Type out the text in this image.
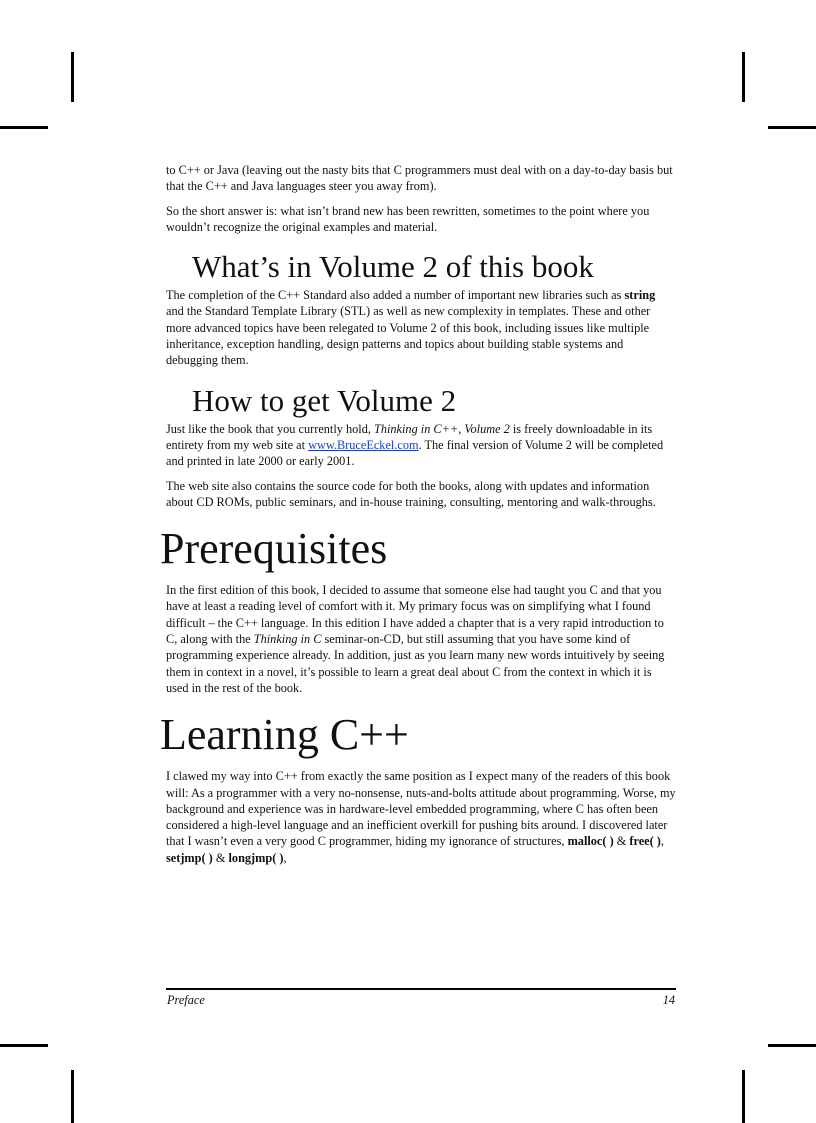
to C++ or Java (leaving out the nasty bits that C programmers must deal with on a day-to-day basis but that the C++ and Java languages steer you away from).

So the short answer is: what isn’t brand new has been rewritten, sometimes to the point where you wouldn’t recognize the original examples and material.

What’s in Volume 2 of this book

The completion of the C++ Standard also added a number of important new libraries such as string and the Standard Template Library (STL) as well as new complexity in templates. These and other more advanced topics have been relegated to Volume 2 of this book, including issues like multiple inheritance, exception handling, design patterns and topics about building stable systems and debugging them.

How to get Volume 2

Just like the book that you currently hold, Thinking in C++, Volume 2 is freely downloadable in its entirety from my web site at www.BruceEckel.com. The final version of Volume 2 will be completed and printed in late 2000 or early 2001.

The web site also contains the source code for both the books, along with updates and information about CD ROMs, public seminars, and in-house training, consulting, mentoring and walk-throughs.

Prerequisites

In the first edition of this book, I decided to assume that someone else had taught you C and that you have at least a reading level of comfort with it. My primary focus was on simplifying what I found difficult – the C++ language. In this edition I have added a chapter that is a very rapid introduction to C, along with the Thinking in C seminar-on-CD, but still assuming that you have some kind of programming experience already. In addition, just as you learn many new words intuitively by seeing them in context in a novel, it’s possible to learn a great deal about C from the context in which it is used in the rest of the book.

Learning C++

I clawed my way into C++ from exactly the same position as I expect many of the readers of this book will: As a programmer with a very no-nonsense, nuts-and-bolts attitude about programming. Worse, my background and experience was in hardware-level embedded programming, where C has often been considered a high-level language and an inefficient overkill for pushing bits around. I discovered later that I wasn’t even a very good C programmer, hiding my ignorance of structures, malloc( ) & free( ), setjmp( ) & longjmp( ),

Preface	14
